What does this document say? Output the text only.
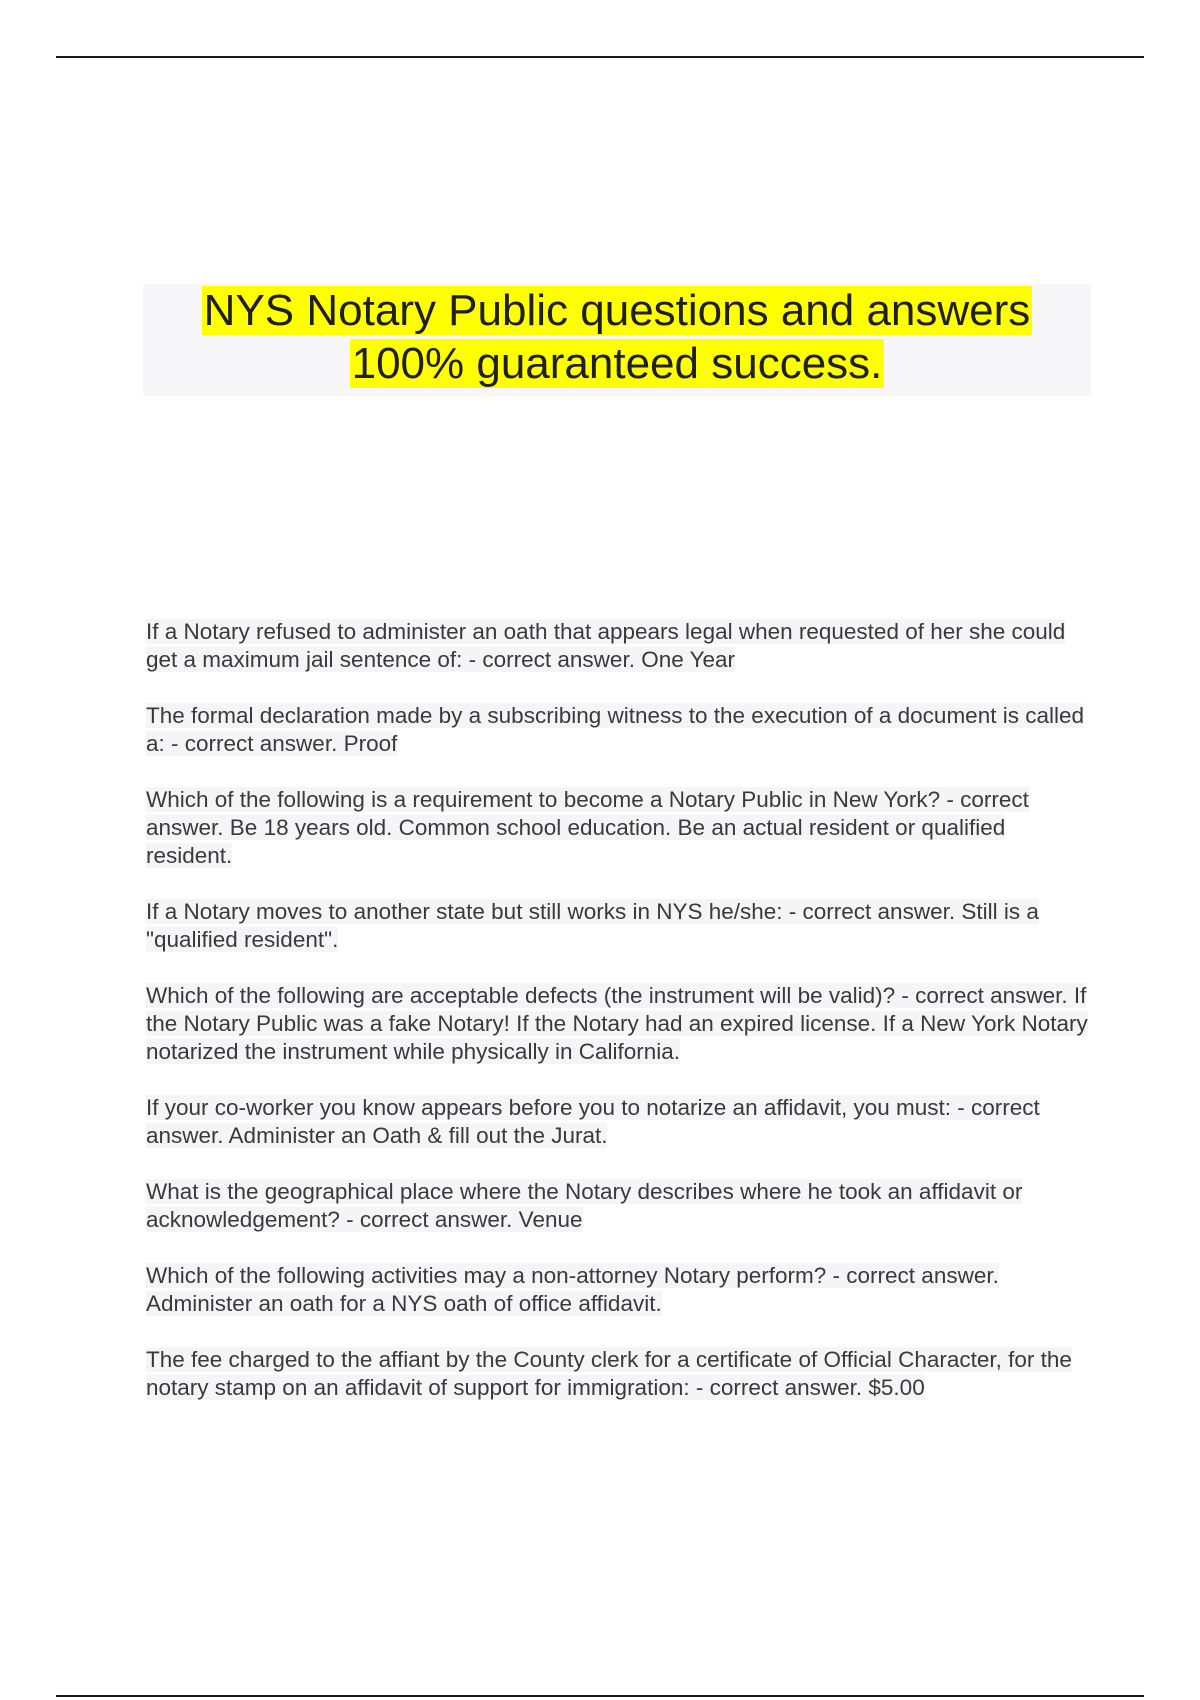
NYS Notary Public questions and answers
100% guaranteed success.

If a Notary refused to administer an oath that appears legal when requested of her she could get a maximum jail sentence of: - correct answer. One Year

The formal declaration made by a subscribing witness to the execution of a document is called a: - correct answer. Proof

Which of the following is a requirement to become a Notary Public in New York? - correct answer. Be 18 years old. Common school education. Be an actual resident or qualified resident.

If a Notary moves to another state but still works in NYS he/she: - correct answer. Still is a "qualified resident".

Which of the following are acceptable defects (the instrument will be valid)? - correct answer. If the Notary Public was a fake Notary! If the Notary had an expired license. If a New York Notary notarized the instrument while physically in California.

If your co-worker you know appears before you to notarize an affidavit, you must: - correct answer. Administer an Oath & fill out the Jurat.

What is the geographical place where the Notary describes where he took an affidavit or acknowledgement? - correct answer. Venue

Which of the following activities may a non-attorney Notary perform? - correct answer. Administer an oath for a NYS oath of office affidavit.

The fee charged to the affiant by the County clerk for a certificate of Official Character, for the notary stamp on an affidavit of support for immigration: - correct answer. $5.00
